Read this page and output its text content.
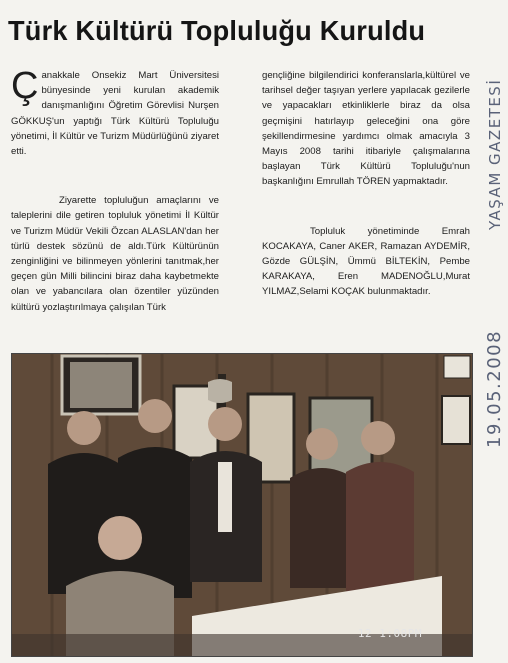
Türk Kültürü Topluluğu Kuruldu

Çanakkale Onsekiz Mart Üniversitesi bünyesinde yeni kurulan akademik danışmanlığını Öğretim Görevlisi Nurşen GÖKKUŞ'un yaptığı Türk Kültürü Topluluğu yönetimi, İl Kültür ve Turizm Müdürlüğünü ziyaret etti.

Ziyarette topluluğun amaçlarını ve taleplerini dile getiren topluluk yönetimi İl Kültür ve Turizm Müdür Vekili Özcan ALASLAN'dan her türlü destek sözünü de aldı.Türk Kültürünün zenginliğini ve bilinmeyen yönlerini tanıtmak,her geçen gün Milli bilincini biraz daha kaybetmekte olan ve yabancılara olan özentiler yüzünden kültürü yozlaştırılmaya çalışılan Türk

gençliğine bilgilendirici konferanslarla,kültürel ve tarihsel değer taşıyan yerlere yapılacak gezilerle ve yapacakları etkinliklerle biraz da olsa geçmişini hatırlayıp geleceğini ona göre şekillendirmesine yardımcı olmak amacıyla 3 Mayıs 2008 tarihi itibariyle çalışmalarına başlayan Türk Kültürü Topluluğu'nun başkanlığını Emrullah TÖREN yapmaktadır.

Topluluk yönetiminde Emrah KOCAKAYA, Caner AKER, Ramazan AYDEMİR, Gözde GÜLŞİN, Ümmü BİLTEKİN, Pembe KARAKAYA, Eren MADENOĞLU,Murat YILMAZ,Selami KOÇAK bulunmaktadır.

YAŞAM GAZETESİ
19.05.2008
12 1:08PM
